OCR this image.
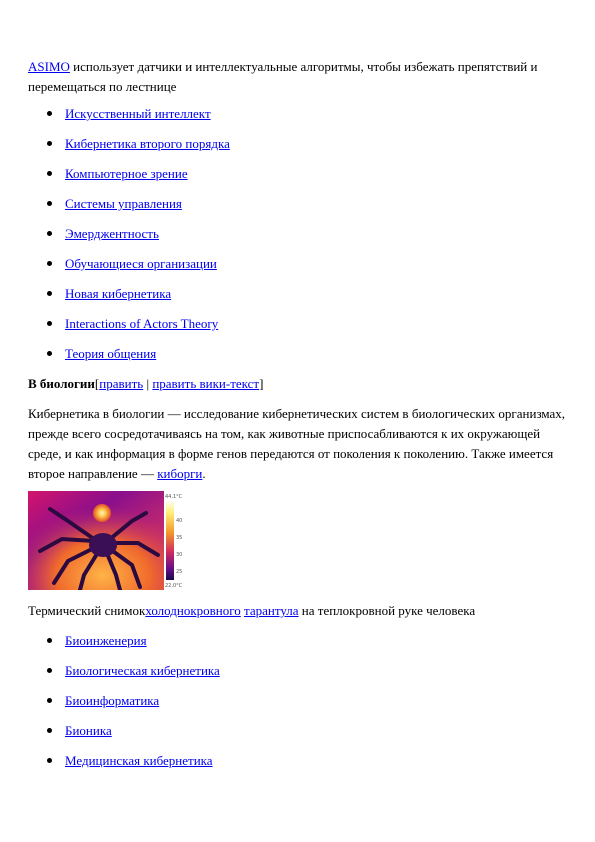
ASIMO использует датчики и интеллектуальные алгоритмы, чтобы избежать препятствий и перемещаться по лестнице

Искусственный интеллект
Кибернетика второго порядка
Компьютерное зрение
Системы управления
Эмерджентность
Обучающиеся организации
Новая кибернетика
Interactions of Actors Theory
Теория общения
В биологии[править | править вики-текст]

Кибернетика в биологии — исследование кибернетических систем в биологических организмах, прежде всего сосредотачиваясь на том, как животные приспосабливаются к их окружающей среде, и как информация в форме генов передаются от поколения к поколению. Также имеется второе направление — киборги.

44,1°C
40
35
30
25
22,0°C
Термический снимокхолоднокровного тарантула на теплокровной руке человека
Биоинженерия
Биологическая кибернетика
Биоинформатика
Бионика
Медицинская кибернетика
